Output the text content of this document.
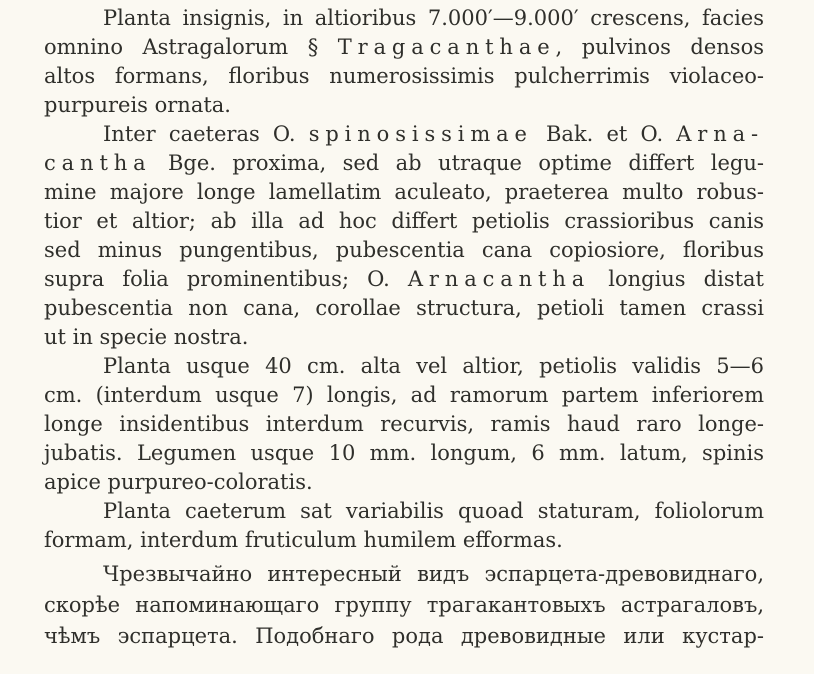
Planta insignis, in altioribus 7.000′—9.000′ crescens, facies
omnino Astragalorum § Tragacanthae, pulvinos densos
altos formans, floribus numerosissimis pulcherrimis violaceo-
purpureis ornata.
Inter caeteras O. spinosissimae Bak. et O. Arna-
cantha Bge. proxima, sed ab utraque optime differt legu-
mine majore longe lamellatim aculeato, praeterea multo robus-
tior et altior; ab illa ad hoc differt petiolis crassioribus canis
sed minus pungentibus, pubescentia cana copiosiore, floribus
supra folia prominentibus; O. Arnacantha longius distat
pubescentia non cana, corollae structura, petioli tamen crassi
ut in specie nostra.
Planta usque 40 cm. alta vel altior, petiolis validis 5—6
cm. (interdum usque 7) longis, ad ramorum partem inferiorem
longe insidentibus interdum recurvis, ramis haud raro longe-
jubatis. Legumen usque 10 mm. longum, 6 mm. latum, spinis
apice purpureo-coloratis.
Planta caeterum sat variabilis quoad staturam, foliolorum
formam, interdum fruticulum humilem efformas.
Чрезвычайно интересный видъ эспарцета-древовиднаго,
скорѣе напоминающаго группу трагакантовыхъ астрагаловъ,
чѣмъ эспарцета. Подобнаго рода древовидные или кустар-
